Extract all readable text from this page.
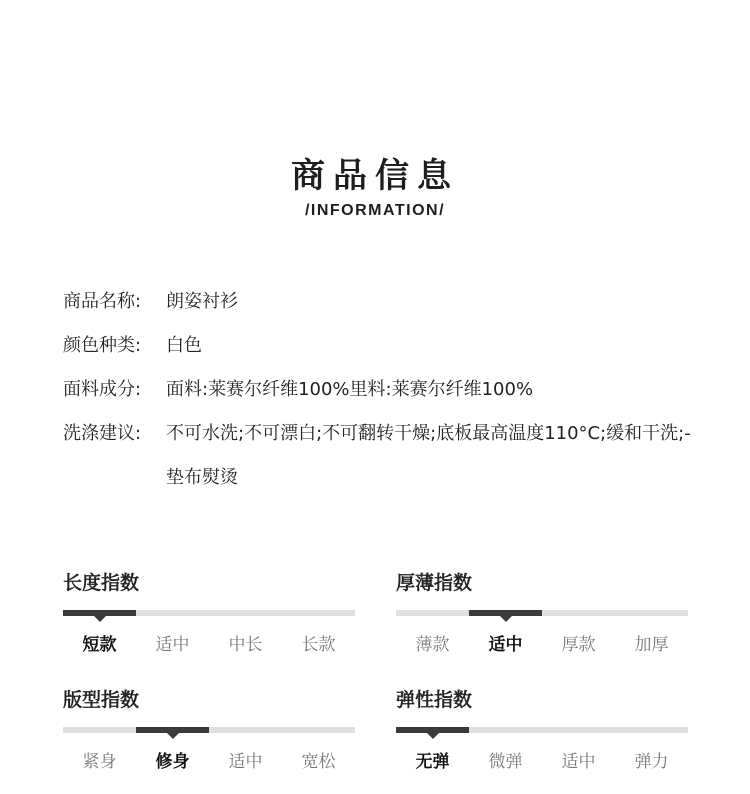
商品信息
/INFORMATION/
商品名称:	朗姿衬衫
颜色种类:	白色
面料成分:	面料:莱赛尔纤维100%里料:莱赛尔纤维100%
洗涤建议:	不可水洗;不可漂白;不可翻转干燥;底板最高温度110°C;缓和干洗;- 垫布熨烫
长度指数
短款	适中	中长	长款
厚薄指数
薄款	适中	厚款	加厚
版型指数
紧身	修身	适中	宽松
弹性指数
无弹	微弹	适中	弹力
